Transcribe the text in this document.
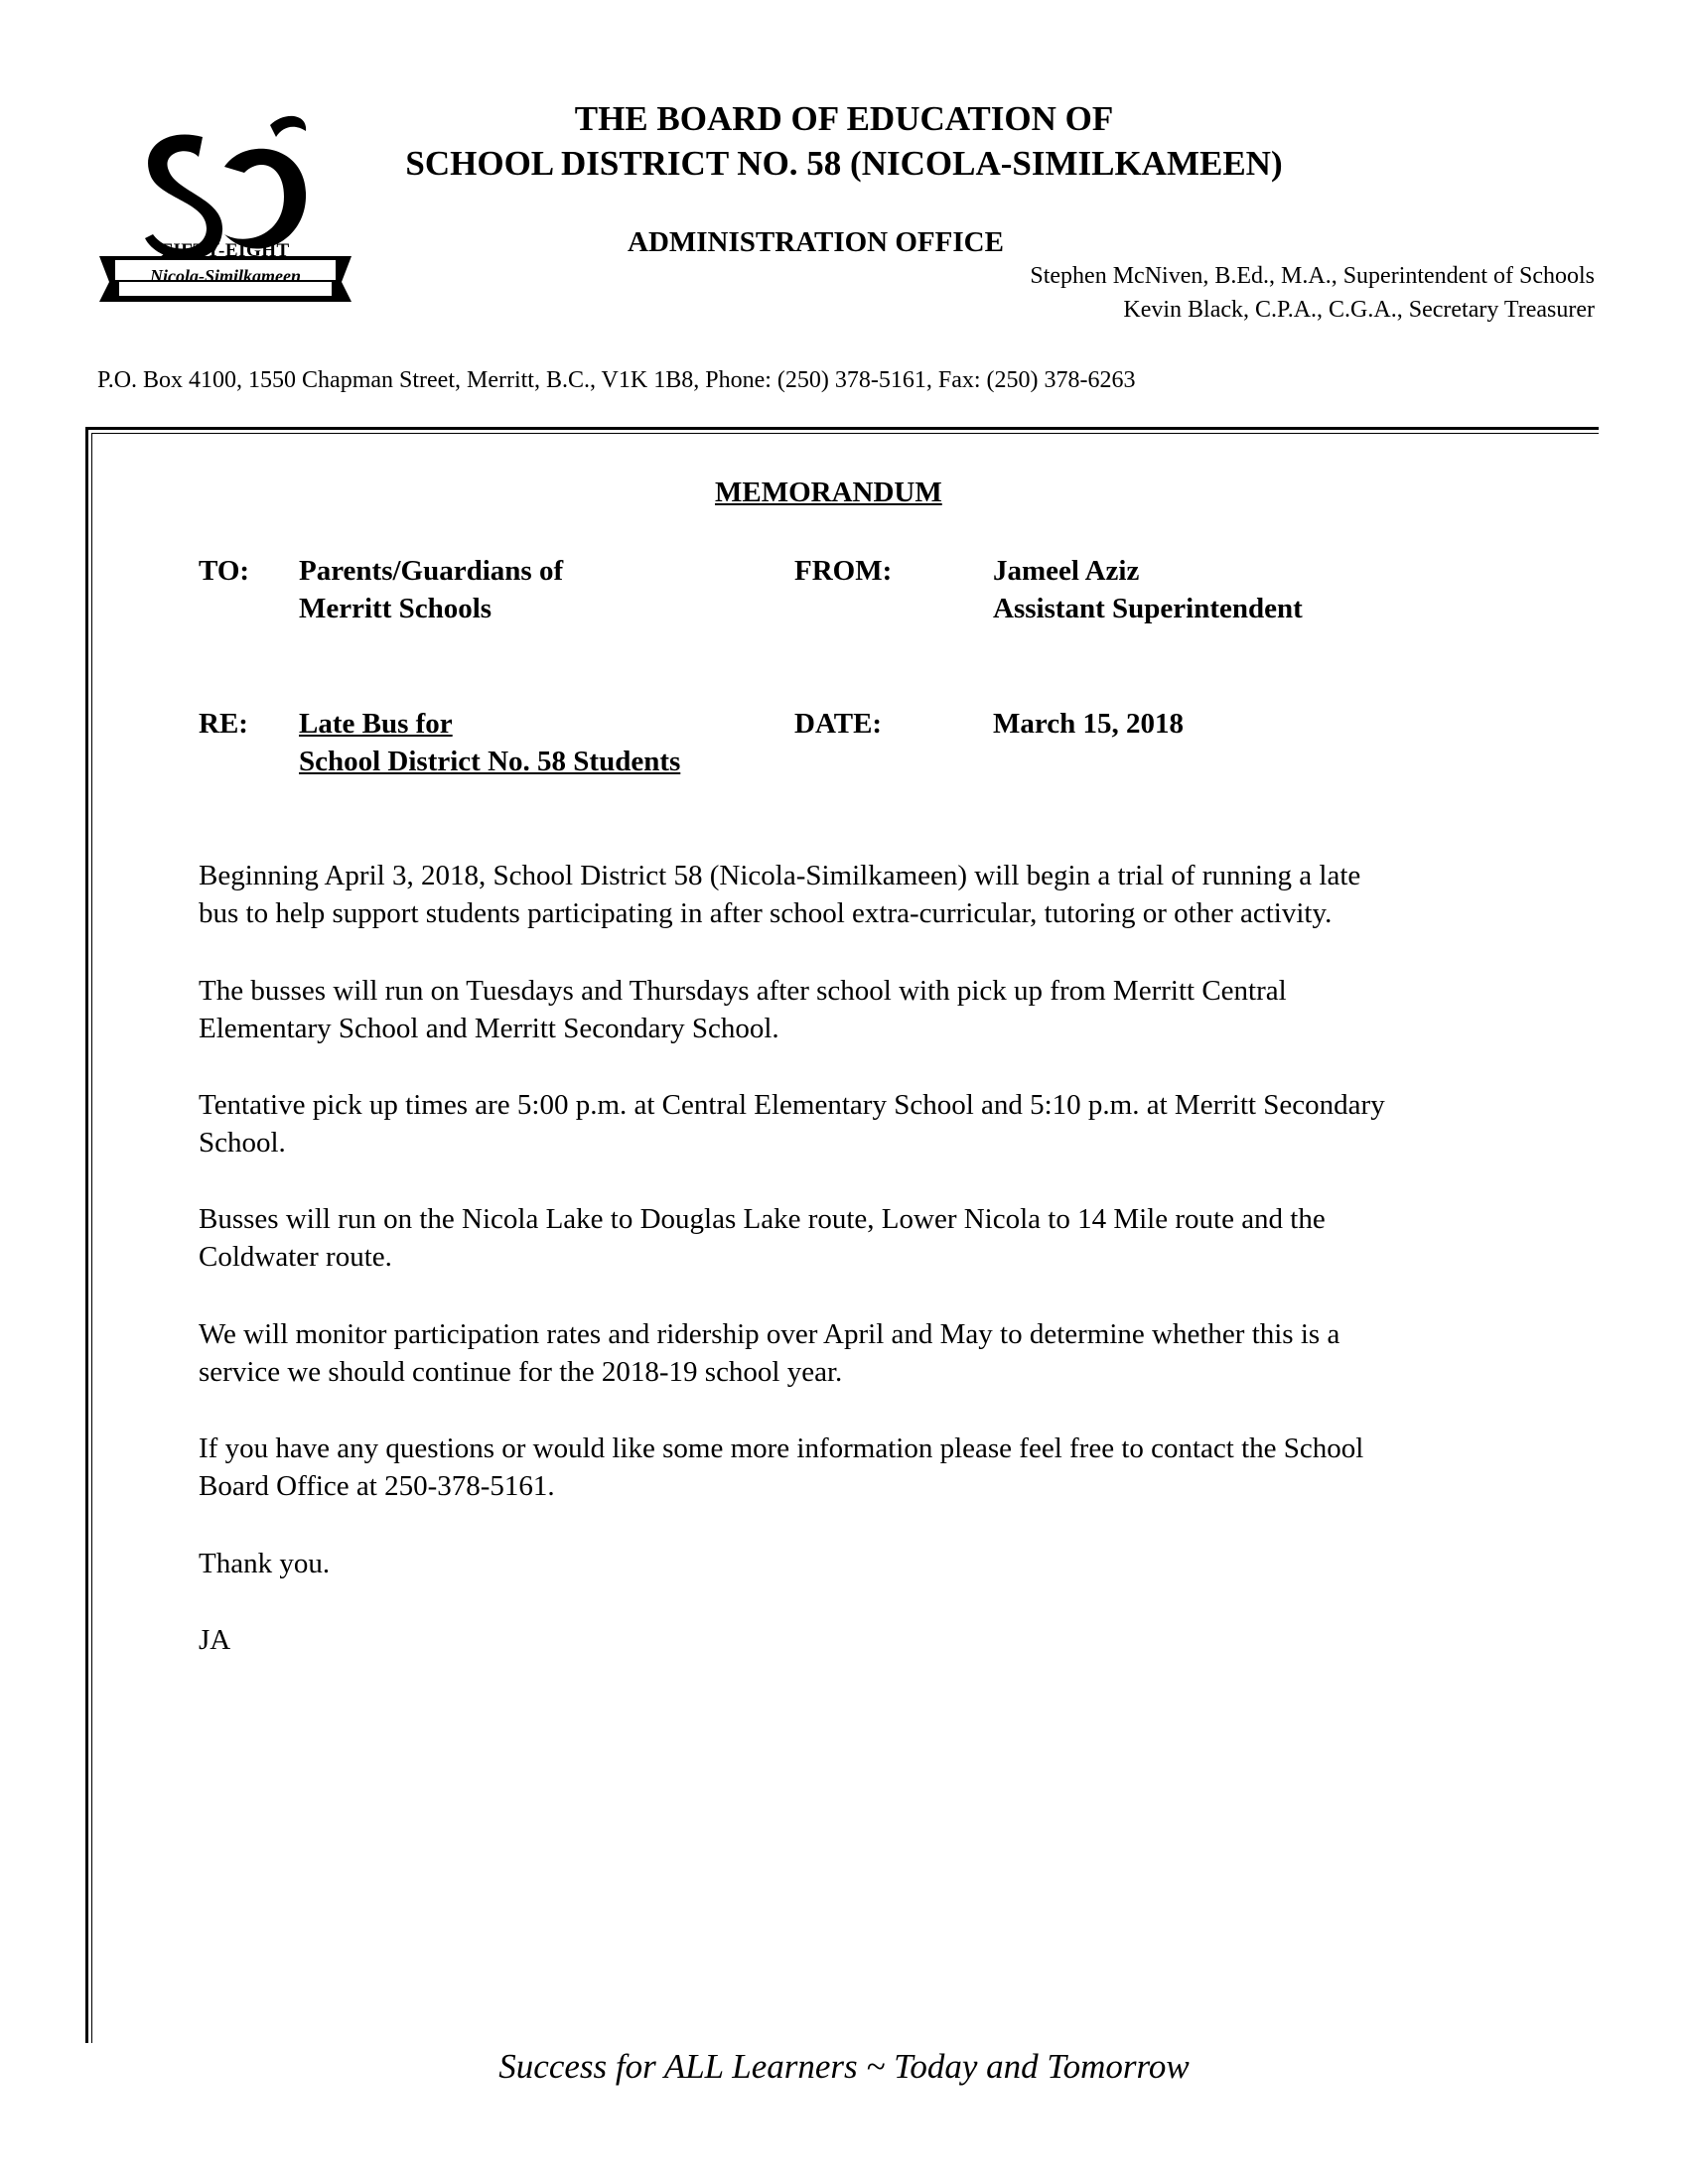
FIFTY-EIGHT
Nicola-Similkameen
THE BOARD OF EDUCATION OF
SCHOOL DISTRICT NO. 58 (NICOLA-SIMILKAMEEN)
ADMINISTRATION OFFICE
Stephen McNiven, B.Ed., M.A., Superintendent of Schools
Kevin Black, C.P.A., C.G.A., Secretary Treasurer
P.O. Box 4100, 1550 Chapman Street, Merritt, B.C., V1K 1B8, Phone: (250) 378-5161, Fax: (250) 378-6263
MEMORANDUM
TO: Parents/Guardians of
Merritt Schools
FROM:	Jameel Aziz
Assistant Superintendent
RE: Late Bus for
School District No. 58 Students
DATE:	March 15, 2018
Beginning April 3, 2018, School District 58 (Nicola-Similkameen) will begin a trial of running a late
bus to help support students participating in after school extra-curricular, tutoring or other activity.
The busses will run on Tuesdays and Thursdays after school with pick up from Merritt Central
Elementary School and Merritt Secondary School.
Tentative pick up times are 5:00 p.m. at Central Elementary School and 5:10 p.m. at Merritt Secondary
School.
Busses will run on the Nicola Lake to Douglas Lake route, Lower Nicola to 14 Mile route and the
Coldwater route.
We will monitor participation rates and ridership over April and May to determine whether this is a
service we should continue for the 2018-19 school year.
If you have any questions or would like some more information please feel free to contact the School
Board Office at 250-378-5161.
Thank you.
JA
Success for ALL Learners ~ Today and Tomorrow
